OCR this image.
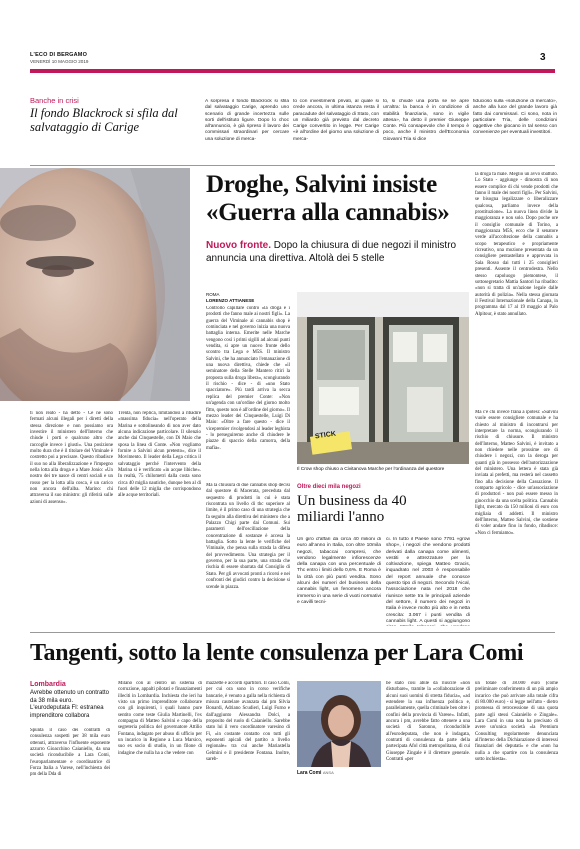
L'ECO DI BERGAMO
VENERDÌ 10 MAGGIO 2019	3
Banche in crisi
Il fondo Blackrock si sfila dal salvataggio di Carige
A sorpresa il fondo Blackrock si sfila dal salvataggio Carige, aprendo uno scenario di grande incertezza sulle sorti dell'istituto ligure. Dopo lo choc all'annuncio, è già ripreso il lavoro dei commissari straordinari per cercare una soluzione di merca-
to con investimenti privati, al quale si crede ancora, in ultima istanza resta il paracadute del salvataggio di Stato, con un miliardo già previsto dal decreto Carige convertito in legge. Per Carige «è all'ordine del giorno una soluzione di merca-
to, si chiude una porta se ne apre un'altra: la banca è in condizione di stabilità finanziaria, sono in vigile attesa», ha detto il premier Giuseppe Conte. Più consapevole che il tempo è poco, anche il ministro dell'Economia Giovanni Tria si dice
fiducioso sulla «soluzione di mercato», anche alla luce del grande lavoro già fatto dai commissari. Ci sono, nota in particolare Tria, delle condizioni oggettive che giocano in tal senso con convenienze per eventuali investitori.
Droghe, Salvini insiste
«Guerra alla cannabis»
Nuovo fronte. Dopo la chiusura di due negozi il ministro annuncia una direttiva. Altolà dei 5 stelle
ROMA
LORENZO ATTIANESE
Controllo capillare contro «la droga e i prodotti che fanno male ai nostri figli». La guerra del Viminale ai cannabis shop è cominciata e nel governo inizia una nuova battaglia interna. Emerite nelle Marche vengono così i primi sigilli ad alcuni punti vendita, si apre un nuovo fronte dello scontro tra Lega e M5S. Il ministro Salvini, che ha annunciato l'emanazione di una nuova direttiva, chiede che «il seminatore della Stelle Mantero ritiri la proposta sulla droga libera», scongiurando il rischio - dice - di «uno Stato spacciatore». Più tardi arriva la secca replica del premier Conte: «Non un'agenda con un'ordine del giorno molto fitto, questo non è all'ordine del giorno». Il mezzo leader dei Cinquestelle, Luigi Di Maio: «Oltre a fare questo - dice il vicepremier rivolgendosi al leader leghista - lo perseguiremo anche di chiudere le piazze di spaccio della camorra, della mafia».
Ma la chiusura di due cannabis shop decisi dal questore di Macerata, preceduta dal sequestro di prodotti in cui è stata riscontrata un livello di thc superiore al limite, è il primo caso di una strategia che fa seguito alla direttiva del ministero che a Palazzo Chigi parte dai Comuni. Sui parametri dell'oscillazione della concentrazione di sostanze è accesa la battaglia. Sotto la lente le verifiche del Viminale, che pensa sulla strada la difesa del provvedimento. Una strategia per il governo, per la sua parte, una strada che rischia di essere sbarrata dal Consiglio di Stato. Per gli avvocati pronti a ricorsi e nei confronti dei giudici contro la decisione si scende in piazza.
la droga fa male. Meglio un avvo sbattuto. Lo Stato - aggiunge - dimostra di non essere complice di chi vende prodotti che fanno il male dei nostri figli». Per Salvini, se bisogna legalizzare o liberalizzare qualcosa, parliamo invece della prostituzione». La nuova linea divide la maggioranza e non solo. Dopo poche ore il consiglio comunale di Torino, a maggioranza M5S, ecco che il senatore verde all'accoltezione della cannabis a scopo terapeutico e propriamente ricreativo, una mozione presentata da un consigliere pentastellato e approvata in Sala Rosso dai tutti i 25 consiglieri presenti. Assente il centrodestra. Nello stesso capoluogo piemontese, il sottosegretario Mattia Santori ha ribadito: «non si tratta di un'azione legale dalle autorità di polizia». Nella stessa giornata il Festival Internazionale della Canapa, in programma dal 17 al 19 maggio al Palo Alpitour, è stato annullato.
Ma c'è chi invece frana a ipotesi: «Salvini vuole essere consigliere comunale e ha chiesto al ministro di incontrarsi per interpretare la norma, scongiurando il rischio di chiusure. Il ministro dell'Interno, Matteo Salvini, è invitato a non chiedere nelle prossime ore di chiudere i negozi, con la deroga per quanti già in possesso dell'autorizzazione del ministero. Una lettera è stata già inviata ai prefetti, ma resterà nel cassetto fino alla decisione della Cassazione. Il comparto agricolo - dice un'associazione di produttori - non può essere messo in ginocchio da una scelta politica. Cannabis light, mercato da 150 milioni di euro con migliaia di addetti. Il ministro dell'Interno, Matteo Salvini, che sostiene di voler andare fino in fondo, ribadisce: «Non ci fermiamo».
ti non reato - ha detto - Ce ne sono fermati alcuni illegali per i diretti della stessa direzione e non possiamo ora investire il ministero dell'Interno che chiude i porti e qualcuno altro che raccoglie invece i giusti». Una posizione molto dura che è il titolare del Viminale è costretto poi a precisare. Questo ribadisce il suo no alla liberalizzazione e l'impegno nella lotta alla droga e a Mare Jonio: «Un nostro dei tre nasce di centri sociali e un rosso per la lotta alla cosca, è un carico non ancora dell'alba. Marino: chi attraversa il suo ministro: gli riferirà sulle azioni di assenso».
Trenta, non replica, limitandosi a ribadire «massima fiducia» nell'operato della Marina e sottolineando di non aver dato alcuna indicazione particolare. Il silenzio anche dai Cinquestelle, con Di Maio che sposa la linea di Conte. «Non vogliamo fornire a Salvini alcun pretesto», dice il Movimento. Il leader della Lega critica il salvataggio perché l'intervento della Marina si è verificato «in acque libiche». In realtà, 75 chilometri dalla costa sono circa 40 miglia nautiche, dunque ben al di fuori delle 12 miglia che corrispondono alle acque territoriali.
STICK
Il Crow shop chiuso a Civitanova Marche per l'ordinanza del questore
Oltre dieci mila negozi
Un business da 40 miliardi l'anno
Un giro d'affari da circa 40 milioni di euro all'anno in Italia, con oltre 10mila negozi, tabaccai compresi, che vendono legalmente infiorescenze della canapa con una percentuale di Thc entro i limiti dello 0,6%. E Roma è la città con più punti vendita. Sono alcuni dei numeri del business della cannabis light, un fenomeno ancora immerso in una serie di vuoti normativi e cavilli tecni-
ci. In tutto il Paese sono 7791 «grow shop», i negozi che vendono prodotti derivati dalla canapa come alimenti, vestiti e attrezzature per la coltivazione, spiega Matteo Gracis, inquadrato nel 2003 è responsabile del report annuale che conosce questo tipo di negozi. Secondo l'Aical, l'associazione nata nel 2018 che riunisce sette tra le principali aziende del settore, il numero dei negozi in Italia è invece molto più alto e in netta crescita: 3.067 i punti vendita di cannabis light. A questi si aggiungono
Tangenti, sotto la lente consulenza per Lara Comi
Lombardia
Avrebbe ottenuto un contratto da 38 mila euro. L'eurodeputata FI: estranea imprenditore collabora
Spunta il caso dei contratti di consulenza sospetti per 38 mila euro ottenuti, attraverso l'influente esponente azzurro Gioacchino Caianiello, da una società riconducibile a Lara Comi, l'europarlamentare e coordinatrice di Forza Italia a Varese, nell'inchiesta dei pm della Dda di
Milano con al centro un sistema di corruzione, appalti pilotati e finanziamenti illeciti in Lombardia. Inchiesta che ieri ha visto un primo imprenditore collaborare con gli inquirenti, i quali hanno pure sentito come teste Giulia Martinelli, l'ex compagna di Matteo Salvini e capo della segreteria politica del governatore Attilio Fontana, indagato per abuso di ufficio per un incarico in Regione a Luca Marsico, suo ex socio di studio, in un filone di indagine che nulla ha a che vedere con
mazzette e accordi spartitori. Il caso Comi, per cui ora sono in corso verifiche bancarie, è venuto a galla nella richiesta di misura cautelare avanzata dai pm Silvia Bonardi, Adriano Scudieri, Luigi Furno e dall'aggiunto Alessandra Dolci, a proposito del ruolo di Caianiello. Sarebbe stato lui il vero coordinatore varesino di Fi, «in costante contatto con tutti gli esponenti apicali del partito a livello regionale» tra cui anche Mariastella Gelmini e il presidente Fontana. Inoltre, sareb-
Lara Comi ANSA
be stato così abile da riuscire «non disturbare», tramite la «collaborazione di alcuni suoi uomini di stretta fiducia», «ad estendere la sua influenza politica e, parallelamente, quella criminale ben oltre i confini della provincia di Varese». Infatti, ancora i pm, avrebbe fatto ottenere a una società di Saronno, riconducibile all'eurodeputata, che non è indagata, contratti di consulenza da parte della partecipata Afol città metropolitana, di cui Giuseppe Zingale è il direttore generale. Contratti «per
un totale di 38.000 euro (come preliminare conferimento di un più ampio incarico che può arrivare alla totale cifra di 80.000 euro) - si legge nell'atto - dietro promessa di retrocessione di una quota parte agli stessi Caianiello e Zingale». Lara Comi in una nota ha precisato di avere un'unica società «la Premium Consulting regolarmente denunciata all'interno della Dichiarazione di interessi finanziari dei deputati» e che «non ha nulla a che spartire con la consulenza sotto inchiesta».
